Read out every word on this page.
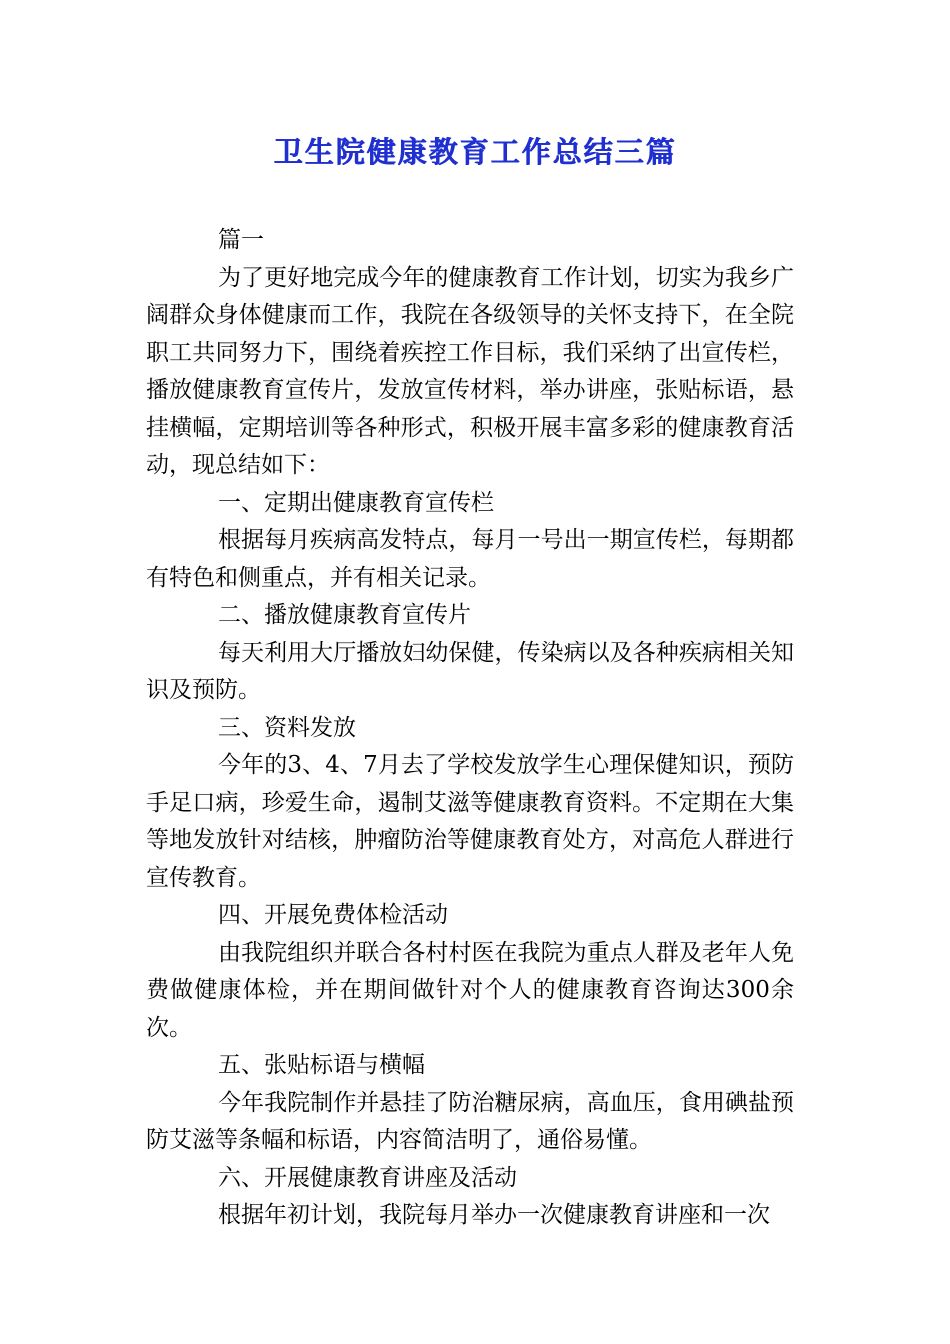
卫生院健康教育工作总结三篇

篇一

为了更好地完成今年的健康教育工作计划，切实为我乡广阔群众身体健康而工作，我院在各级领导的关怀支持下，在全院职工共同努力下，围绕着疾控工作目标，我们采纳了出宣传栏，播放健康教育宣传片，发放宣传材料，举办讲座，张贴标语，悬挂横幅，定期培训等各种形式，积极开展丰富多彩的健康教育活动，现总结如下：

一、定期出健康教育宣传栏

根据每月疾病高发特点，每月一号出一期宣传栏，每期都有特色和侧重点，并有相关记录。

二、播放健康教育宣传片

每天利用大厅播放妇幼保健，传染病以及各种疾病相关知识及预防。

三、资料发放

今年的3、4、7月去了学校发放学生心理保健知识，预防手足口病，珍爱生命，遏制艾滋等健康教育资料。不定期在大集等地发放针对结核，肿瘤防治等健康教育处方，对高危人群进行宣传教育。

四、开展免费体检活动

由我院组织并联合各村村医在我院为重点人群及老年人免费做健康体检，并在期间做针对个人的健康教育咨询达300余次。

五、张贴标语与横幅

今年我院制作并悬挂了防治糖尿病，高血压，食用碘盐预防艾滋等条幅和标语，内容简洁明了，通俗易懂。

六、开展健康教育讲座及活动

根据年初计划，我院每月举办一次健康教育讲座和一次
